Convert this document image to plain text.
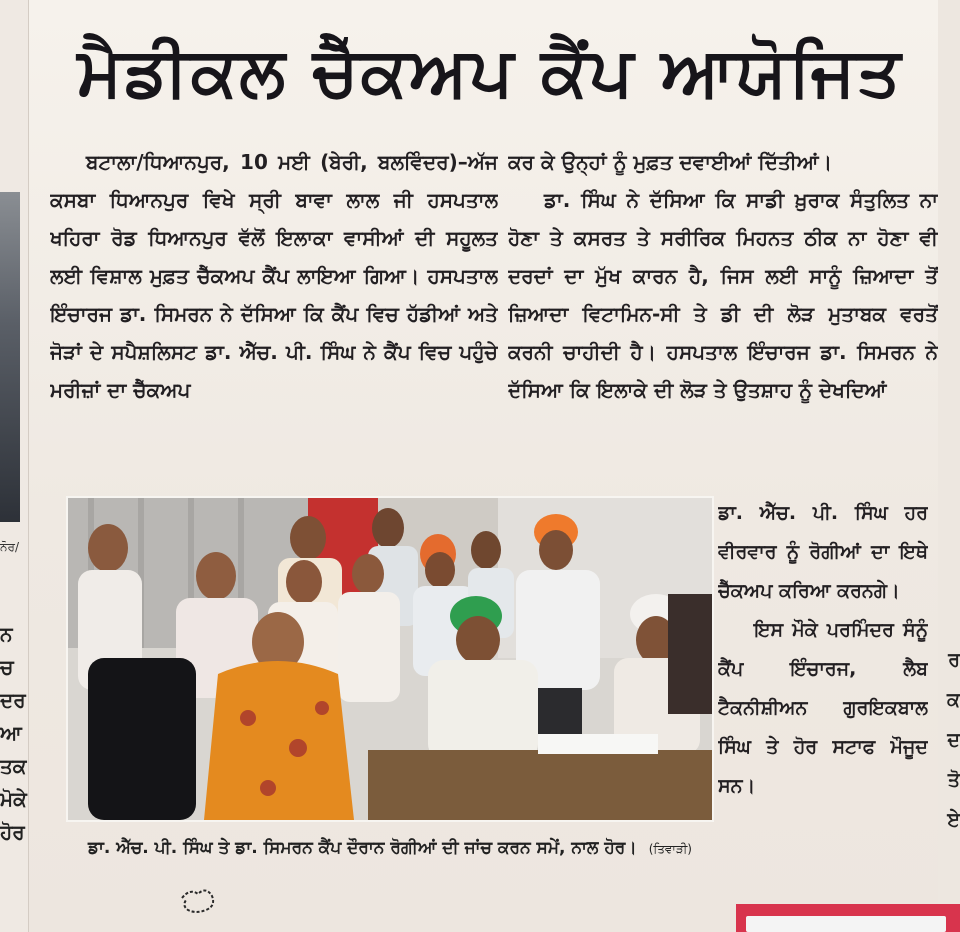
ਨੋਰ/
ਨ
ਚ
ਦਰ
ਆ
ਤਕ
ਮੋਕੇ
ਹੋਰ
ਰ
ਕ
ਦ
ਤੋ
ਏ
ਮੈਡੀਕਲ ਚੈੱਕਅਪ ਕੈਂਪ ਆਯੋਜਿਤ

ਬਟਾਲਾ/ਧਿਆਨਪੁਰ, 10 ਮਈ (ਬੇਰੀ, ਬਲਵਿੰਦਰ)–ਅੱਜ ਕਸਬਾ ਧਿਆਨਪੁਰ ਵਿਖੇ ਸ੍ਰੀ ਬਾਵਾ ਲਾਲ ਜੀ ਹਸਪਤਾਲ ਖਹਿਰਾ ਰੋਡ ਧਿਆਨਪੁਰ ਵੱਲੋਂ ਇਲਾਕਾ ਵਾਸੀਆਂ ਦੀ ਸਹੂਲਤ ਲਈ ਵਿਸ਼ਾਲ ਮੁਫ਼ਤ ਚੈੱਕਅਪ ਕੈਂਪ ਲਾਇਆ ਗਿਆ। ਹਸਪਤਾਲ ਇੰਚਾਰਜ ਡਾ. ਸਿਮਰਨ ਨੇ ਦੱਸਿਆ ਕਿ ਕੈਂਪ ਵਿਚ ਹੱਡੀਆਂ ਅਤੇ ਜੋੜਾਂ ਦੇ ਸਪੈਸ਼ਲਿਸਟ ਡਾ. ਐੱਚ. ਪੀ. ਸਿੰਘ ਨੇ ਕੈਂਪ ਵਿਚ ਪਹੁੰਚੇ ਮਰੀਜ਼ਾਂ ਦਾ ਚੈੱਕਅਪ

ਕਰ ਕੇ ਉਨ੍ਹਾਂ ਨੂੰ ਮੁਫ਼ਤ ਦਵਾਈਆਂ ਦਿੱਤੀਆਂ।

ਡਾ. ਸਿੰਘ ਨੇ ਦੱਸਿਆ ਕਿ ਸਾਡੀ ਖ਼ੁਰਾਕ ਸੰਤੁਲਿਤ ਨਾ ਹੋਣਾ ਤੇ ਕਸਰਤ ਤੇ ਸਰੀਰਿਕ ਮਿਹਨਤ ਠੀਕ ਨਾ ਹੋਣਾ ਵੀ ਦਰਦਾਂ ਦਾ ਮੁੱਖ ਕਾਰਨ ਹੈ, ਜਿਸ ਲਈ ਸਾਨੂੰ ਜ਼ਿਆਦਾ ਤੋਂ ਜ਼ਿਆਦਾ ਵਿਟਾਮਿਨ-ਸੀ ਤੇ ਡੀ ਦੀ ਲੋੜ ਮੁਤਾਬਕ ਵਰਤੋਂ ਕਰਨੀ ਚਾਹੀਦੀ ਹੈ। ਹਸਪਤਾਲ ਇੰਚਾਰਜ ਡਾ. ਸਿਮਰਨ ਨੇ ਦੱਸਿਆ ਕਿ ਇਲਾਕੇ ਦੀ ਲੋੜ ਤੇ ਉਤਸ਼ਾਹ ਨੂੰ ਦੇਖਦਿਆਂ

ਡਾ. ਐੱਚ. ਪੀ. ਸਿੰਘ ਹਰ ਵੀਰਵਾਰ ਨੂੰ ਰੋਗੀਆਂ ਦਾ ਇਥੇ ਚੈੱਕਅਪ ਕਰਿਆ ਕਰਨਗੇ।

ਇਸ ਮੌਕੇ ਪਰਮਿੰਦਰ ਸੰਨੂੰ ਕੈਂਪ ਇੰਚਾਰਜ, ਲੈਬ ਟੈਕਨੀਸ਼ੀਅਨ ਗੁਰਇਕਬਾਲ ਸਿੰਘ ਤੇ ਹੋਰ ਸਟਾਫ ਮੌਜੂਦ ਸਨ।

ਡਾ. ਐੱਚ. ਪੀ. ਸਿੰਘ ਤੇ ਡਾ. ਸਿਮਰਨ ਕੈਂਪ ਦੌਰਾਨ ਰੋਗੀਆਂ ਦੀ ਜਾਂਚ ਕਰਨ ਸਮੇਂ, ਨਾਲ ਹੋਰ। (ਤਿਵਾੜੀ)
